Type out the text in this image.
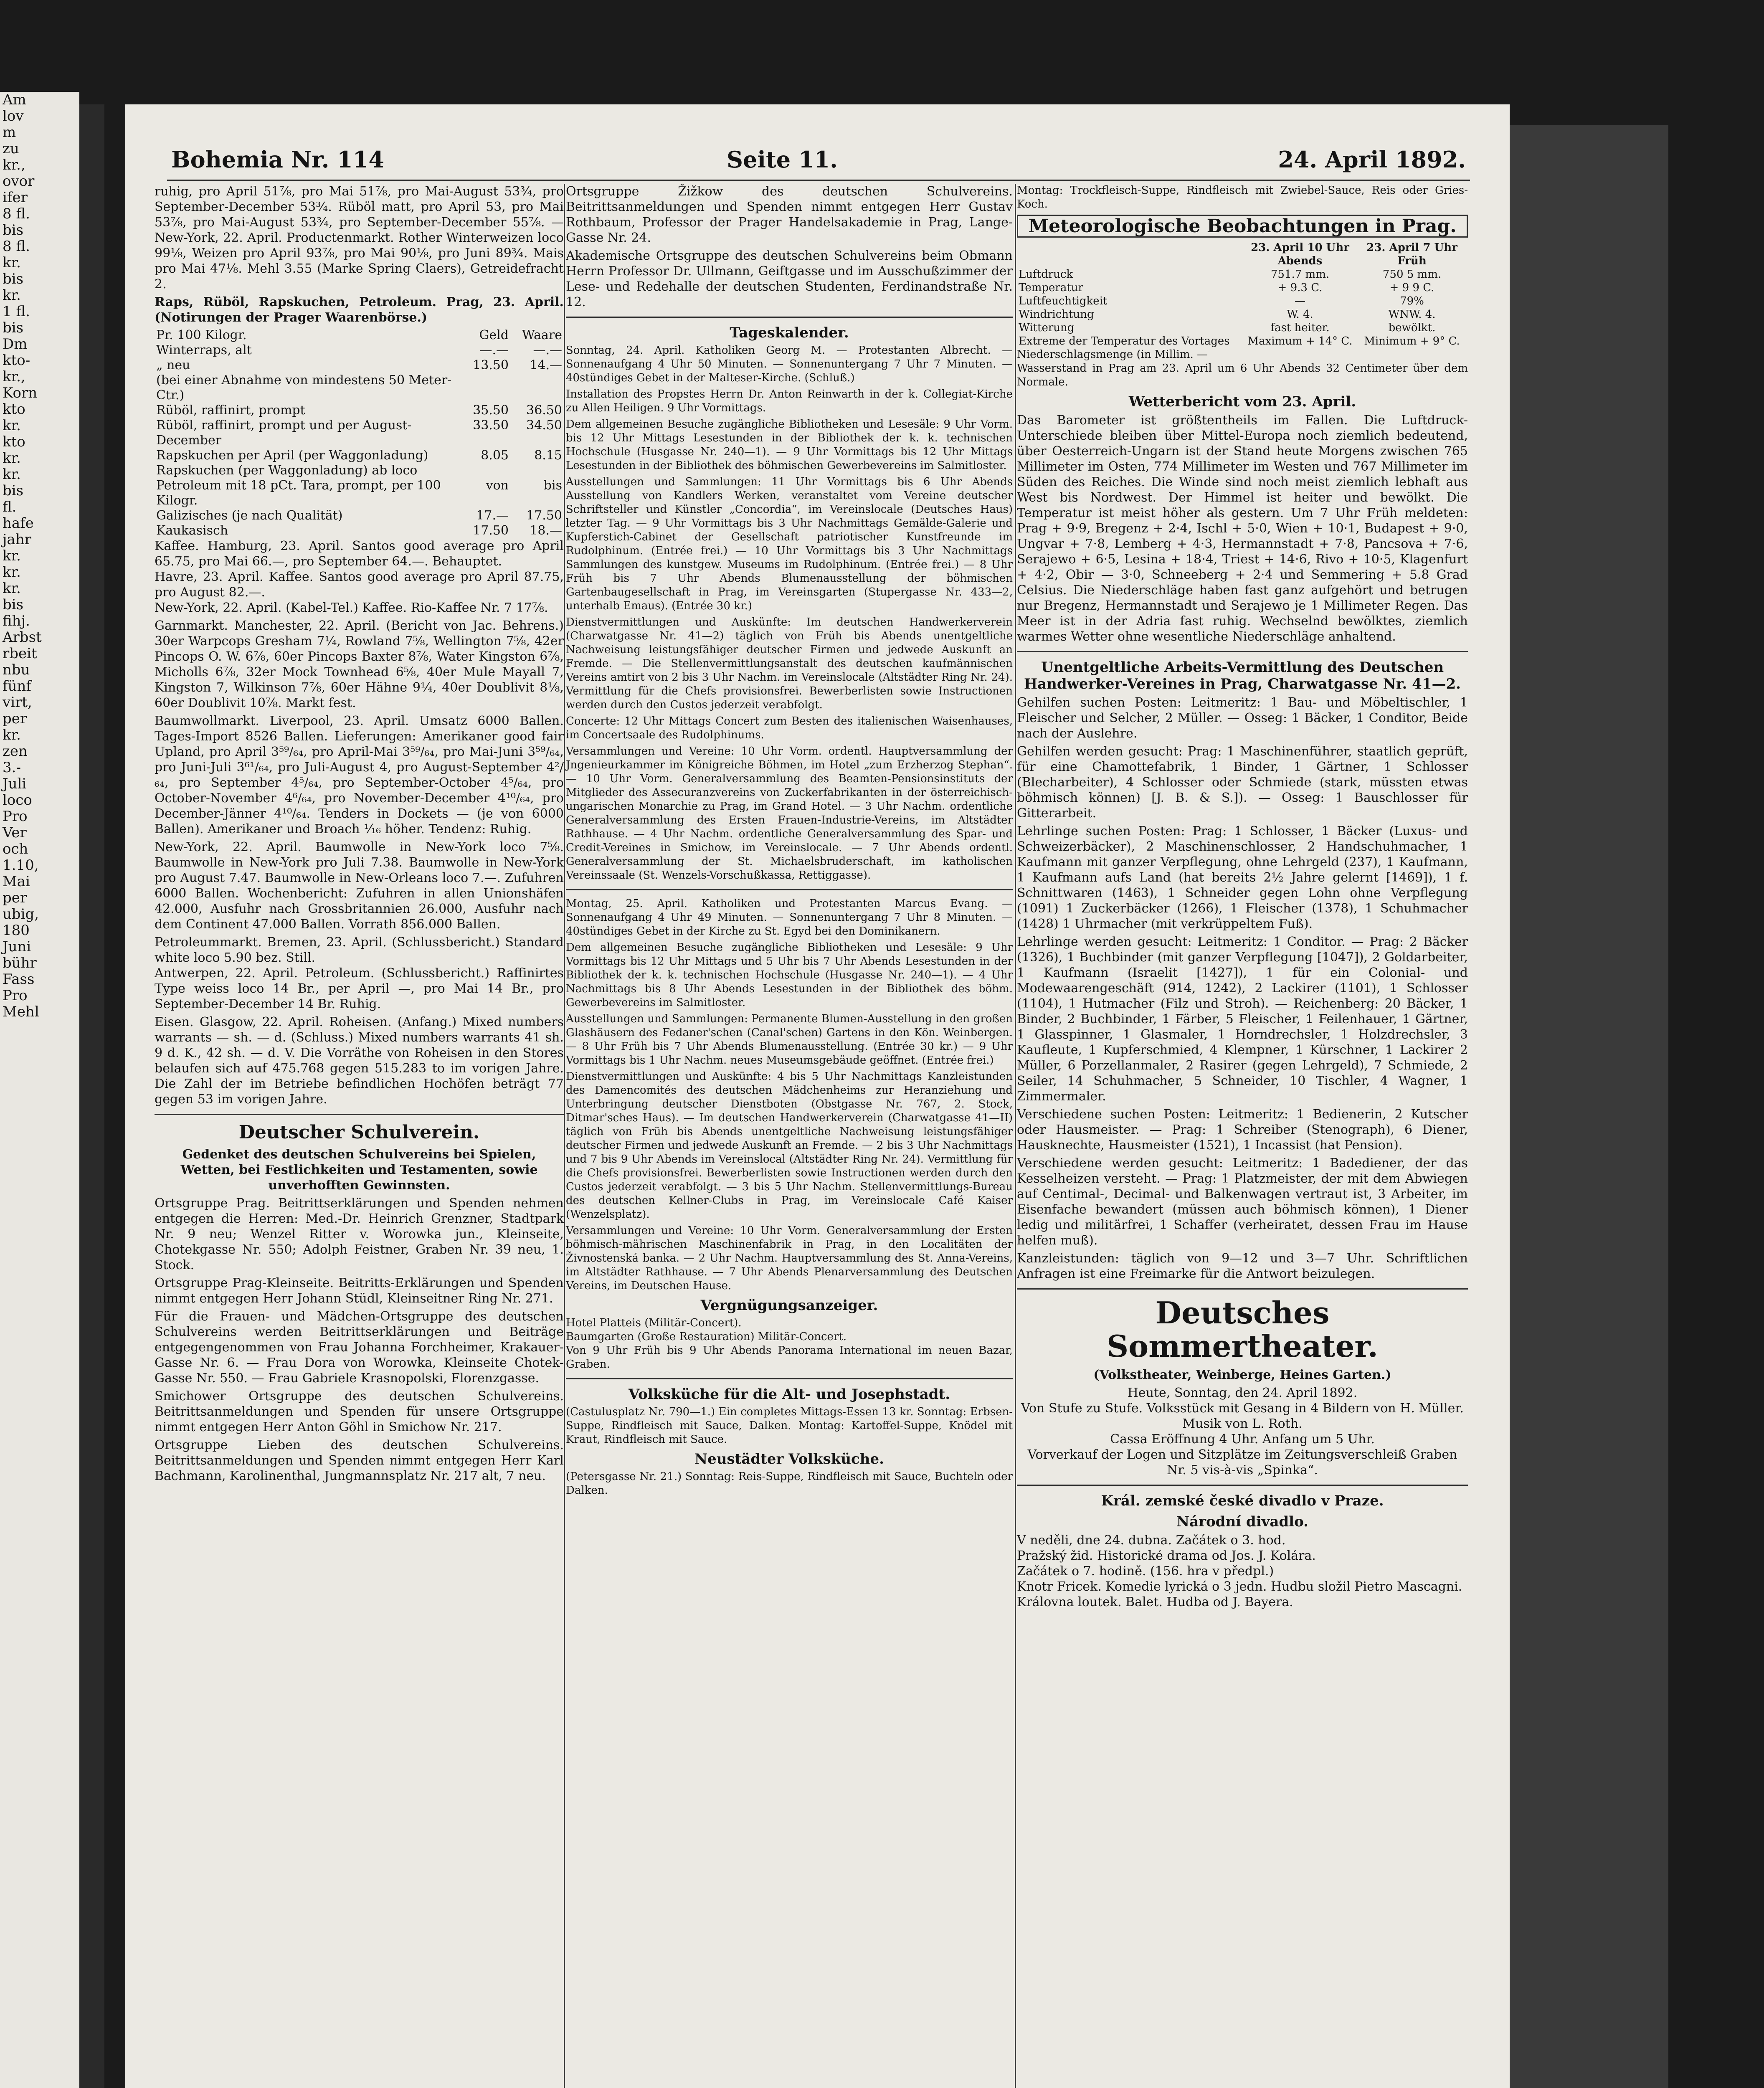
Am
lov
m
zu
kr.,
ovor
ifer
8 fl.
bis
8 fl.
kr.
bis
kr.
1 fl.
bis
Dm
kto-
kr.,
Korn
kto
kr.
kto
kr.
kr.
bis
fl.
hafe
jahr
kr.
kr.
kr.
bis
fihj.
Arbst
rbeit
nbu
fünf
virt,
per
kr.
zen
3.-
Juli
loco
Pro
Ver
och
1.10,
Mai
per
ubig,
180
Juni
bühr
Fass
Pro
Mehl
Bohemia Nr. 114	Seite 11.	24. April 1892.

ruhig, pro April 51⅞, pro Mai 51⅞, pro Mai-August 53¾, pro September-December 53¾. Rüböl matt, pro April 53, pro Mai 53⅞, pro Mai-August 53¾, pro September-December 55⅞. — New-York, 22. April. Productenmarkt. Rother Winterweizen loco 99⅛, Weizen pro April 93⅞, pro Mai 90⅛, pro Juni 89¾. Mais pro Mai 47⅛. Mehl 3.55 (Marke Spring Claers), Getreidefracht 2.

Raps, Rüböl, Rapskuchen, Petroleum. Prag, 23. April. (Notirungen der Prager Waarenbörse.)

Pr. 100 Kilogr.	Geld	Waare
Winterraps, alt	—.—	—.—
„ neu	13.50	14.—
(bei einer Abnahme von mindestens 50 Meter-Ctr.)		
Rüböl, raffinirt, prompt	35.50	36.50
Rüböl, raffinirt, prompt und per August-December	33.50	34.50
Rapskuchen per April (per Waggonladung)	8.05	8.15
Rapskuchen (per Waggonladung) ab loco		
Petroleum mit 18 pCt. Tara, prompt, per 100 Kilogr.	von	bis
Galizisches (je nach Qualität)	17.—	17.50
Kaukasisch	17.50	18.—

Kaffee. Hamburg, 23. April. Santos good average pro April 65.75, pro Mai 66.—, pro September 64.—. Behauptet.
Havre, 23. April. Kaffee. Santos good average pro April 87.75, pro August 82.—.
New-York, 22. April. (Kabel-Tel.) Kaffee. Rio-Kaffee Nr. 7 17⅞.

Garnmarkt. Manchester, 22. April. (Bericht von Jac. Behrens.) 30er Warpcops Gresham 7¼, Rowland 7⅝, Wellington 7⅝, 42er Pincops O. W. 6⅞, 60er Pincops Baxter 8⅞, Water Kingston 6⅞, Micholls 6⅞, 32er Mock Townhead 6⅝, 40er Mule Mayall 7, Kingston 7, Wilkinson 7⅞, 60er Hähne 9¼, 40er Doublivit 8⅛, 60er Doublivit 10⅞. Markt fest.

Baumwollmarkt. Liverpool, 23. April. Umsatz 6000 Ballen. Tages-Import 8526 Ballen. Lieferungen: Amerikaner good fair Upland, pro April 3⁵⁹/₆₄, pro April-Mai 3⁵⁹/₆₄, pro Mai-Juni 3⁵⁹/₆₄, pro Juni-Juli 3⁶¹/₆₄, pro Juli-August 4, pro August-September 4²/₆₄, pro September 4⁵/₆₄, pro September-October 4⁵/₆₄, pro October-November 4⁶/₆₄, pro November-December 4¹⁰/₆₄, pro December-Jänner 4¹⁰/₆₄. Tenders in Dockets — (je von 6000 Ballen). Amerikaner und Broach ⅟₁₆ höher. Tendenz: Ruhig.

New-York, 22. April. Baumwolle in New-York loco 7⅝. Baumwolle in New-York pro Juli 7.38. Baumwolle in New-York pro August 7.47. Baumwolle in New-Orleans loco 7.—. Zufuhren 6000 Ballen. Wochenbericht: Zufuhren in allen Unionshäfen 42.000, Ausfuhr nach Grossbritannien 26.000, Ausfuhr nach dem Continent 47.000 Ballen. Vorrath 856.000 Ballen.

Petroleummarkt. Bremen, 23. April. (Schlussbericht.) Standard white loco 5.90 bez. Still.
Antwerpen, 22. April. Petroleum. (Schlussbericht.) Raffinirtes Type weiss loco 14 Br., per April —, pro Mai 14 Br., pro September-December 14 Br. Ruhig.

Eisen. Glasgow, 22. April. Roheisen. (Anfang.) Mixed numbers warrants — sh. — d. (Schluss.) Mixed numbers warrants 41 sh. 9 d. K., 42 sh. — d. V. Die Vorräthe von Roheisen in den Stores belaufen sich auf 475.768 gegen 515.283 to im vorigen Jahre. Die Zahl der im Betriebe befindlichen Hochöfen beträgt 77 gegen 53 im vorigen Jahre.

Deutscher Schulverein.

Gedenket des deutschen Schulvereins bei Spielen, Wetten, bei Festlichkeiten und Testamenten, sowie unverhofften Gewinnsten.

Ortsgruppe Prag. Beitrittserklärungen und Spenden nehmen entgegen die Herren: Med.-Dr. Heinrich Grenzner, Stadtpark Nr. 9 neu; Wenzel Ritter v. Worowka jun., Kleinseite, Chotekgasse Nr. 550; Adolph Feistner, Graben Nr. 39 neu, 1. Stock.

Ortsgruppe Prag-Kleinseite. Beitritts-Erklärungen und Spenden nimmt entgegen Herr Johann Stüdl, Kleinseitner Ring Nr. 271.

Für die Frauen- und Mädchen-Ortsgruppe des deutschen Schulvereins werden Beitrittserklärungen und Beiträge entgegengenommen von Frau Johanna Forchheimer, Krakauer-Gasse Nr. 6. — Frau Dora von Worowka, Kleinseite Chotek-Gasse Nr. 550. — Frau Gabriele Krasnopolski, Florenzgasse.

Smichower Ortsgruppe des deutschen Schulvereins. Beitrittsanmeldungen und Spenden für unsere Ortsgruppe nimmt entgegen Herr Anton Göhl in Smichow Nr. 217.

Ortsgruppe Lieben des deutschen Schulvereins. Beitrittsanmeldungen und Spenden nimmt entgegen Herr Karl Bachmann, Karolinenthal, Jungmannsplatz Nr. 217 alt, 7 neu.

Ortsgruppe Žižkow des deutschen Schulvereins. Beitrittsanmeldungen und Spenden nimmt entgegen Herr Gustav Rothbaum, Professor der Prager Handelsakademie in Prag, Lange-Gasse Nr. 24.

Akademische Ortsgruppe des deutschen Schulvereins beim Obmann Herrn Professor Dr. Ullmann, Geiftgasse und im Ausschußzimmer der Lese- und Redehalle der deutschen Studenten, Ferdinandstraße Nr. 12.

Tageskalender.

Sonntag, 24. April. Katholiken Georg M. — Protestanten Albrecht. — Sonnenaufgang 4 Uhr 50 Minuten. — Sonnenuntergang 7 Uhr 7 Minuten. — 40stündiges Gebet in der Malteser-Kirche. (Schluß.)

Installation des Propstes Herrn Dr. Anton Reinwarth in der k. Collegiat-Kirche zu Allen Heiligen. 9 Uhr Vormittags.

Dem allgemeinen Besuche zugängliche Bibliotheken und Lesesäle: 9 Uhr Vorm. bis 12 Uhr Mittags Lesestunden in der Bibliothek der k. k. technischen Hochschule (Husgasse Nr. 240—1). — 9 Uhr Vormittags bis 12 Uhr Mittags Lesestunden in der Bibliothek des böhmischen Gewerbevereins im Salmitloster.

Ausstellungen und Sammlungen: 11 Uhr Vormittags bis 6 Uhr Abends Ausstellung von Kandlers Werken, veranstaltet vom Vereine deutscher Schriftsteller und Künstler „Concordia“, im Vereinslocale (Deutsches Haus) letzter Tag. — 9 Uhr Vormittags bis 3 Uhr Nachmittags Gemälde-Galerie und Kupferstich-Cabinet der Gesellschaft patriotischer Kunstfreunde im Rudolphinum. (Entrée frei.) — 10 Uhr Vormittags bis 3 Uhr Nachmittags Sammlungen des kunstgew. Museums im Rudolphinum. (Entrée frei.) — 8 Uhr Früh bis 7 Uhr Abends Blumenausstellung der böhmischen Gartenbaugesellschaft in Prag, im Vereinsgarten (Stupergasse Nr. 433—2, unterhalb Emaus). (Entrée 30 kr.)

Dienstvermittlungen und Auskünfte: Im deutschen Handwerkerverein (Charwatgasse Nr. 41—2) täglich von Früh bis Abends unentgeltliche Nachweisung leistungsfähiger deutscher Firmen und jedwede Auskunft an Fremde. — Die Stellenvermittlungsanstalt des deutschen kaufmännischen Vereins amtirt von 2 bis 3 Uhr Nachm. im Vereinslocale (Altstädter Ring Nr. 24). Vermittlung für die Chefs provisionsfrei. Bewerberlisten sowie Instructionen werden durch den Custos jederzeit verabfolgt.

Concerte: 12 Uhr Mittags Concert zum Besten des italienischen Waisenhauses, im Concertsaale des Rudolphinums.

Versammlungen und Vereine: 10 Uhr Vorm. ordentl. Hauptversammlung der Jngenieurkammer im Königreiche Böhmen, im Hotel „zum Erzherzog Stephan“. — 10 Uhr Vorm. Generalversammlung des Beamten-Pensionsinstituts der Mitglieder des Assecuranzvereins von Zuckerfabrikanten in der österreichisch-ungarischen Monarchie zu Prag, im Grand Hotel. — 3 Uhr Nachm. ordentliche Generalversammlung des Ersten Frauen-Industrie-Vereins, im Altstädter Rathhause. — 4 Uhr Nachm. ordentliche Generalversammlung des Spar- und Credit-Vereines in Smichow, im Vereinslocale. — 7 Uhr Abends ordentl. Generalversammlung der St. Michaelsbruderschaft, im katholischen Vereinssaale (St. Wenzels-Vorschußkassa, Rettiggasse).

Montag, 25. April. Katholiken und Protestanten Marcus Evang. — Sonnenaufgang 4 Uhr 49 Minuten. — Sonnenuntergang 7 Uhr 8 Minuten. — 40stündiges Gebet in der Kirche zu St. Egyd bei den Dominikanern.

Dem allgemeinen Besuche zugängliche Bibliotheken und Lesesäle: 9 Uhr Vormittags bis 12 Uhr Mittags und 5 Uhr bis 7 Uhr Abends Lesestunden in der Bibliothek der k. k. technischen Hochschule (Husgasse Nr. 240—1). — 4 Uhr Nachmittags bis 8 Uhr Abends Lesestunden in der Bibliothek des böhm. Gewerbevereins im Salmitloster.

Ausstellungen und Sammlungen: Permanente Blumen-Ausstellung in den großen Glashäusern des Fedaner'schen (Canal'schen) Gartens in den Kön. Weinbergen. — 8 Uhr Früh bis 7 Uhr Abends Blumenausstellung. (Entrée 30 kr.) — 9 Uhr Vormittags bis 1 Uhr Nachm. neues Museumsgebäude geöffnet. (Entrée frei.)

Dienstvermittlungen und Auskünfte: 4 bis 5 Uhr Nachmittags Kanzleistunden des Damencomités des deutschen Mädchenheims zur Heranziehung und Unterbringung deutscher Dienstboten (Obstgasse Nr. 767, 2. Stock, Ditmar'sches Haus). — Im deutschen Handwerkerverein (Charwatgasse 41—II) täglich von Früh bis Abends unentgeltliche Nachweisung leistungsfähiger deutscher Firmen und jedwede Auskunft an Fremde. — 2 bis 3 Uhr Nachmittags und 7 bis 9 Uhr Abends im Vereinslocal (Altstädter Ring Nr. 24). Vermittlung für die Chefs provisionsfrei. Bewerberlisten sowie Instructionen werden durch den Custos jederzeit verabfolgt. — 3 bis 5 Uhr Nachm. Stellenvermittlungs-Bureau des deutschen Kellner-Clubs in Prag, im Vereinslocale Café Kaiser (Wenzelsplatz).

Versammlungen und Vereine: 10 Uhr Vorm. Generalversammlung der Ersten böhmisch-mährischen Maschinenfabrik in Prag, in den Localitäten der Živnostenská banka. — 2 Uhr Nachm. Hauptversammlung des St. Anna-Vereins, im Altstädter Rathhause. — 7 Uhr Abends Plenarversammlung des Deutschen Vereins, im Deutschen Hause.

Vergnügungsanzeiger.

Hotel Platteis (Militär-Concert).
Baumgarten (Große Restauration) Militär-Concert.
Von 9 Uhr Früh bis 9 Uhr Abends Panorama International im neuen Bazar, Graben.

Volksküche für die Alt- und Josephstadt.

(Castulusplatz Nr. 790—1.) Ein completes Mittags-Essen 13 kr. Sonntag: Erbsen-Suppe, Rindfleisch mit Sauce, Dalken. Montag: Kartoffel-Suppe, Knödel mit Kraut, Rindfleisch mit Sauce.

Neustädter Volksküche.

(Petersgasse Nr. 21.) Sonntag: Reis-Suppe, Rindfleisch mit Sauce, Buchteln oder Dalken.

Montag: Trockfleisch-Suppe, Rindfleisch mit Zwiebel-Sauce, Reis oder Gries-Koch.

Meteorologische Beobachtungen in Prag.
	23. April 10 Uhr Abends	23. April 7 Uhr Früh
Luftdruck	751.7 mm.	750 5 mm.
Temperatur	+ 9.3 C.	+ 9 9 C.
Luftfeuchtigkeit	—	79%
Windrichtung	W. 4.	WNW. 4.
Witterung	fast heiter.	bewölkt.
Extreme der Temperatur des Vortages	Maximum + 14° C.	Minimum + 9° C.

Niederschlagsmenge (in Millim. —
Wasserstand in Prag am 23. April um 6 Uhr Abends 32 Centimeter über dem Normale.

Wetterbericht vom 23. April.

Das Barometer ist größtentheils im Fallen. Die Luftdruck-Unterschiede bleiben über Mittel-Europa noch ziemlich bedeutend, über Oesterreich-Ungarn ist der Stand heute Morgens zwischen 765 Millimeter im Osten, 774 Millimeter im Westen und 767 Millimeter im Süden des Reiches. Die Winde sind noch meist ziemlich lebhaft aus West bis Nordwest. Der Himmel ist heiter und bewölkt. Die Temperatur ist meist höher als gestern. Um 7 Uhr Früh meldeten: Prag + 9·9, Bregenz + 2·4, Ischl + 5·0, Wien + 10·1, Budapest + 9·0, Ungvar + 7·8, Lemberg + 4·3, Hermannstadt + 7·8, Pancsova + 7·6, Serajewo + 6·5, Lesina + 18·4, Triest + 14·6, Rivo + 10·5, Klagenfurt + 4·2, Obir — 3·0, Schneeberg + 2·4 und Semmering + 5.8 Grad Celsius. Die Niederschläge haben fast ganz aufgehört und betrugen nur Bregenz, Hermannstadt und Serajewo je 1 Millimeter Regen. Das Meer ist in der Adria fast ruhig. Wechselnd bewölktes, ziemlich warmes Wetter ohne wesentliche Niederschläge anhaltend.

Unentgeltliche Arbeits-Vermittlung des Deutschen Handwerker-Vereines in Prag, Charwatgasse Nr. 41—2.

Gehilfen suchen Posten: Leitmeritz: 1 Bau- und Möbeltischler, 1 Fleischer und Selcher, 2 Müller. — Osseg: 1 Bäcker, 1 Conditor, Beide nach der Auslehre.

Gehilfen werden gesucht: Prag: 1 Maschinenführer, staatlich geprüft, für eine Chamottefabrik, 1 Binder, 1 Gärtner, 1 Schlosser (Blecharbeiter), 4 Schlosser oder Schmiede (stark, müssten etwas böhmisch können) [J. B. & S.]). — Osseg: 1 Bauschlosser für Gitterarbeit.

Lehrlinge suchen Posten: Prag: 1 Schlosser, 1 Bäcker (Luxus- und Schweizerbäcker), 2 Maschinenschlosser, 2 Handschuhmacher, 1 Kaufmann mit ganzer Verpflegung, ohne Lehrgeld (237), 1 Kaufmann, 1 Kaufmann aufs Land (hat bereits 2½ Jahre gelernt [1469]), 1 f. Schnittwaren (1463), 1 Schneider gegen Lohn ohne Verpflegung (1091) 1 Zuckerbäcker (1266), 1 Fleischer (1378), 1 Schuhmacher (1428) 1 Uhrmacher (mit verkrüppeltem Fuß).

Lehrlinge werden gesucht: Leitmeritz: 1 Conditor. — Prag: 2 Bäcker (1326), 1 Buchbinder (mit ganzer Verpflegung [1047]), 2 Goldarbeiter, 1 Kaufmann (Israelit [1427]), 1 für ein Colonial- und Modewaarengeschäft (914, 1242), 2 Lackirer (1101), 1 Schlosser (1104), 1 Hutmacher (Filz und Stroh). — Reichenberg: 20 Bäcker, 1 Binder, 2 Buchbinder, 1 Färber, 5 Fleischer, 1 Feilenhauer, 1 Gärtner, 1 Glasspinner, 1 Glasmaler, 1 Horndrechsler, 1 Holzdrechsler, 3 Kaufleute, 1 Kupferschmied, 4 Klempner, 1 Kürschner, 1 Lackirer 2 Müller, 6 Porzellanmaler, 2 Rasirer (gegen Lehrgeld), 7 Schmiede, 2 Seiler, 14 Schuhmacher, 5 Schneider, 10 Tischler, 4 Wagner, 1 Zimmermaler.

Verschiedene suchen Posten: Leitmeritz: 1 Bedienerin, 2 Kutscher oder Hausmeister. — Prag: 1 Schreiber (Stenograph), 6 Diener, Hausknechte, Hausmeister (1521), 1 Incassist (hat Pension).

Verschiedene werden gesucht: Leitmeritz: 1 Badediener, der das Kesselheizen versteht. — Prag: 1 Platzmeister, der mit dem Abwiegen auf Centimal-, Decimal- und Balkenwagen vertraut ist, 3 Arbeiter, im Eisenfache bewandert (müssen auch böhmisch können), 1 Diener ledig und militärfrei, 1 Schaffer (verheiratet, dessen Frau im Hause helfen muß).

Kanzleistunden: täglich von 9—12 und 3—7 Uhr. Schriftlichen Anfragen ist eine Freimarke für die Antwort beizulegen.

Deutsches Sommertheater.

(Volkstheater, Weinberge, Heines Garten.)

Heute, Sonntag, den 24. April 1892.
Von Stufe zu Stufe. Volksstück mit Gesang in 4 Bildern von H. Müller. Musik von L. Roth.
Cassa Eröffnung 4 Uhr. Anfang um 5 Uhr.
Vorverkauf der Logen und Sitzplätze im Zeitungsverschleiß Graben Nr. 5 vis-à-vis „Spinka“.

Král. zemské české divadlo v Praze.
Národní divadlo.

V neděli, dne 24. dubna. Začátek o 3. hod.
Pražský žid. Historické drama od Jos. J. Kolára.
Začátek o 7. hodině. (156. hra v předpl.)
Knotr Fricek. Komedie lyrická o 3 jedn. Hudbu složil Pietro Mascagni.
Královna loutek. Balet. Hudba od J. Bayera.
